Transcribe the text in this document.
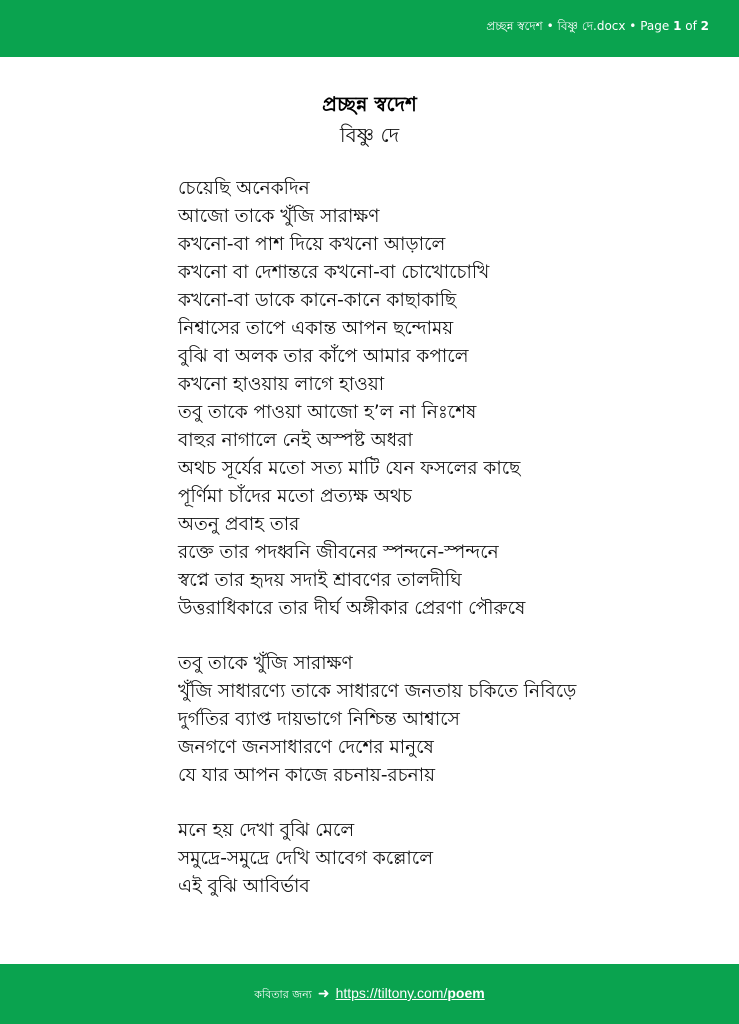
প্রচ্ছন্ন স্বদেশ • বিষ্ণু দে.docx • Page 1 of 2
প্রচ্ছন্ন স্বদেশ
বিষ্ণু দে
চেয়েছি অনেকদিন
আজো তাকে খুঁজি সারাক্ষণ
কখনো-বা পাশ দিয়ে কখনো আড়ালে
কখনো বা দেশান্তরে কখনো-বা চোখোচোখি
কখনো-বা ডাকে কানে-কানে কাছাকাছি
নিশ্বাসের তাপে একান্ত আপন ছন্দোময়
বুঝি বা অলক তার কাঁপে আমার কপালে
কখনো হাওয়ায় লাগে হাওয়া
তবু তাকে পাওয়া আজো হ’ল না নিঃশেষ
বাহুর নাগালে নেই অস্পষ্ট অধরা
অথচ সূর্যের মতো সত্য মাটি যেন ফসলের কাছে
পূর্ণিমা চাঁদের মতো প্রত্যক্ষ অথচ
অতনু প্রবাহ তার
রক্তে তার পদধ্বনি জীবনের স্পন্দনে-স্পন্দনে
স্বপ্নে তার হৃদয় সদাই শ্রাবণের তালদীঘি
উত্তরাধিকারে তার দীর্ঘ অঙ্গীকার প্রেরণা পৌরুষে
তবু তাকে খুঁজি সারাক্ষণ
খুঁজি সাধারণ্যে তাকে সাধারণে জনতায় চকিতে নিবিড়ে
দুর্গতির ব্যাপ্ত দায়ভাগে নিশ্চিন্ত আশ্বাসে
জনগণে জনসাধারণে দেশের মানুষে
যে যার আপন কাজে রচনায়-রচনায়
মনে হয় দেখা বুঝি মেলে
সমুদ্রে-সমুদ্রে দেখি আবেগ কল্লোলে
এই বুঝি আবির্ভাব
কবিতার জন্য ➜ https://tiltony.com/poem
